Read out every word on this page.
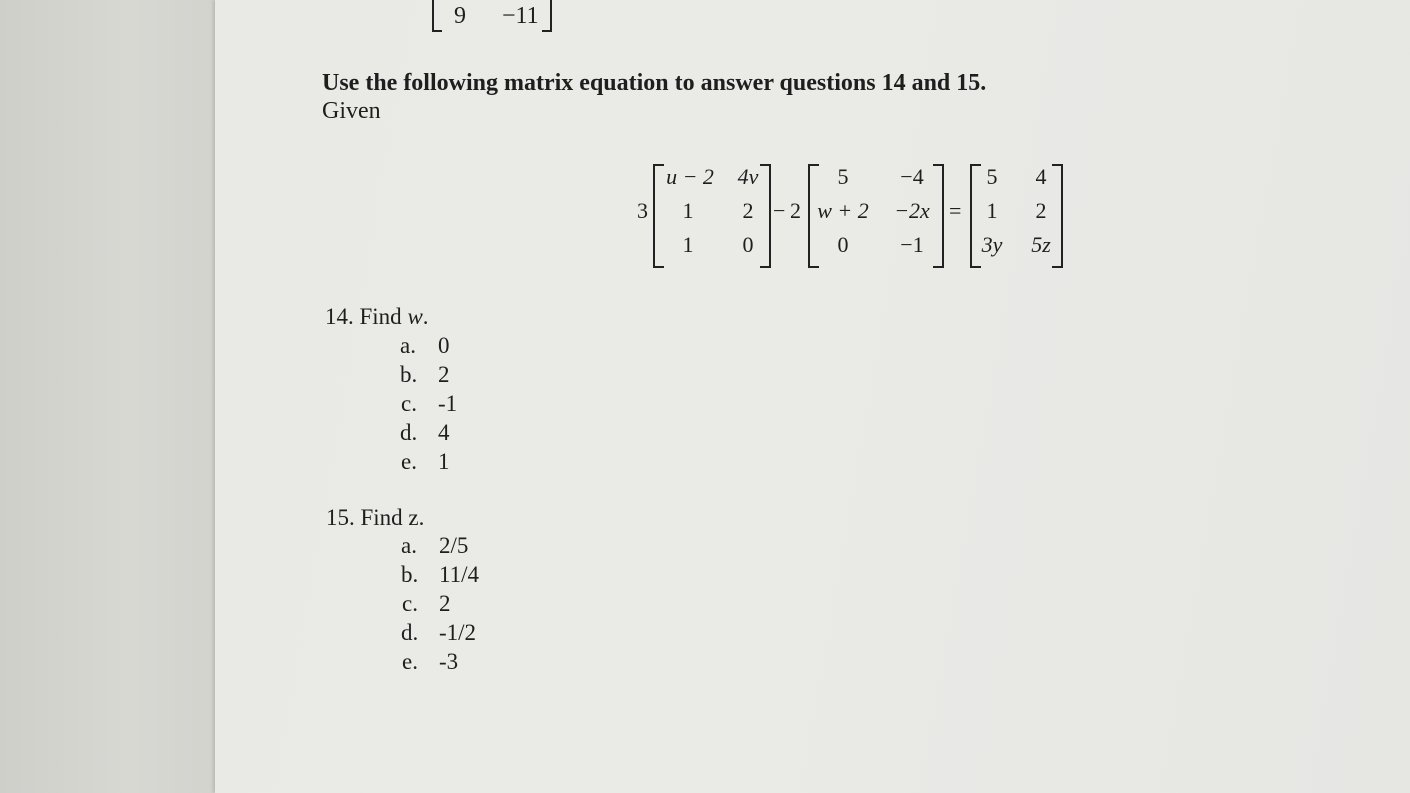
9 −11
Use the following matrix equation to answer questions 14 and 15.
Given
3
u − 2	4v
1	2
1	0
− 2
5	−4
w + 2	−2x
0	−1
=
5	4
1	2
3y	5z
14. Find w.
a. 0
b. 2
c. -1
d. 4
e. 1
15. Find z.
a. 2/5
b. 11/4
c. 2
d. -1/2
e. -3
